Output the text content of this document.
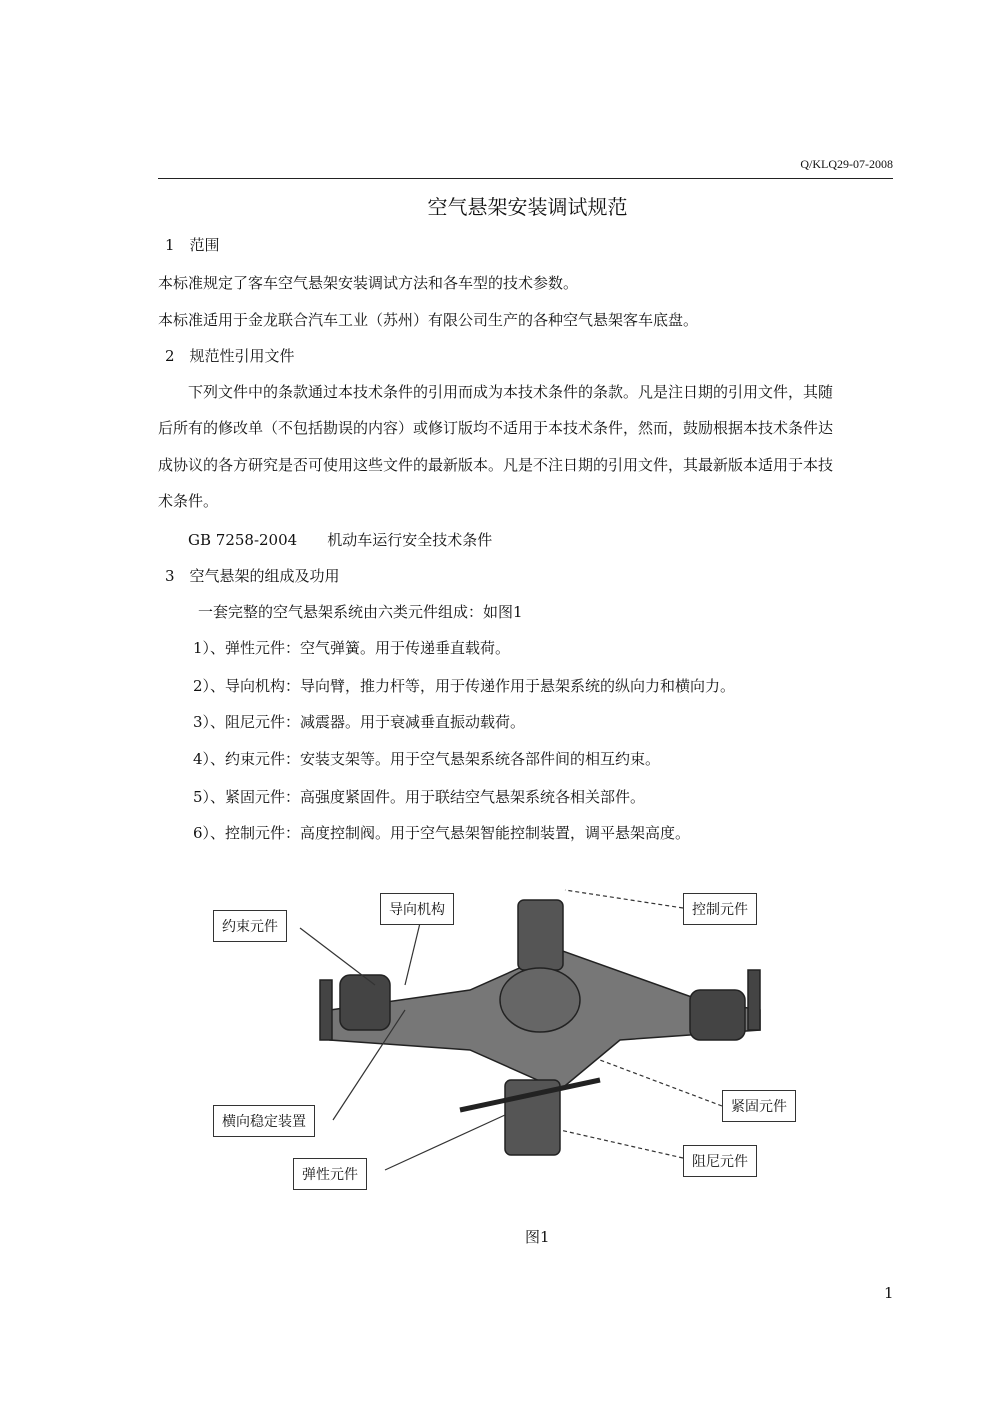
Q/KLQ29-07-2008
空气悬架安装调试规范
1　范围
本标准规定了客车空气悬架安装调试方法和各车型的技术参数。
本标准适用于金龙联合汽车工业（苏州）有限公司生产的各种空气悬架客车底盘。
2　规范性引用文件
下列文件中的条款通过本技术条件的引用而成为本技术条件的条款。凡是注日期的引用文件，其随
后所有的修改单（不包括勘误的内容）或修订版均不适用于本技术条件，然而，鼓励根据本技术条件达
成协议的各方研究是否可使用这些文件的最新版本。凡是不注日期的引用文件，其最新版本适用于本技
术条件。
GB 7258-2004　　机动车运行安全技术条件
3　空气悬架的组成及功用
一套完整的空气悬架系统由六类元件组成：如图1
1）、弹性元件：空气弹簧。用于传递垂直载荷。
2）、导向机构：导向臂，推力杆等，用于传递作用于悬架系统的纵向力和横向力。
3）、阻尼元件：减震器。用于衰减垂直振动载荷。
4）、约束元件：安装支架等。用于空气悬架系统各部件间的相互约束。
5）、紧固元件：高强度紧固件。用于联结空气悬架系统各相关部件。
6）、控制元件：高度控制阀。用于空气悬架智能控制装置，调平悬架高度。
约束元件
导向机构	控制元件
横向稳定装置
紧固元件
弹性元件
阻尼元件
图1
1
